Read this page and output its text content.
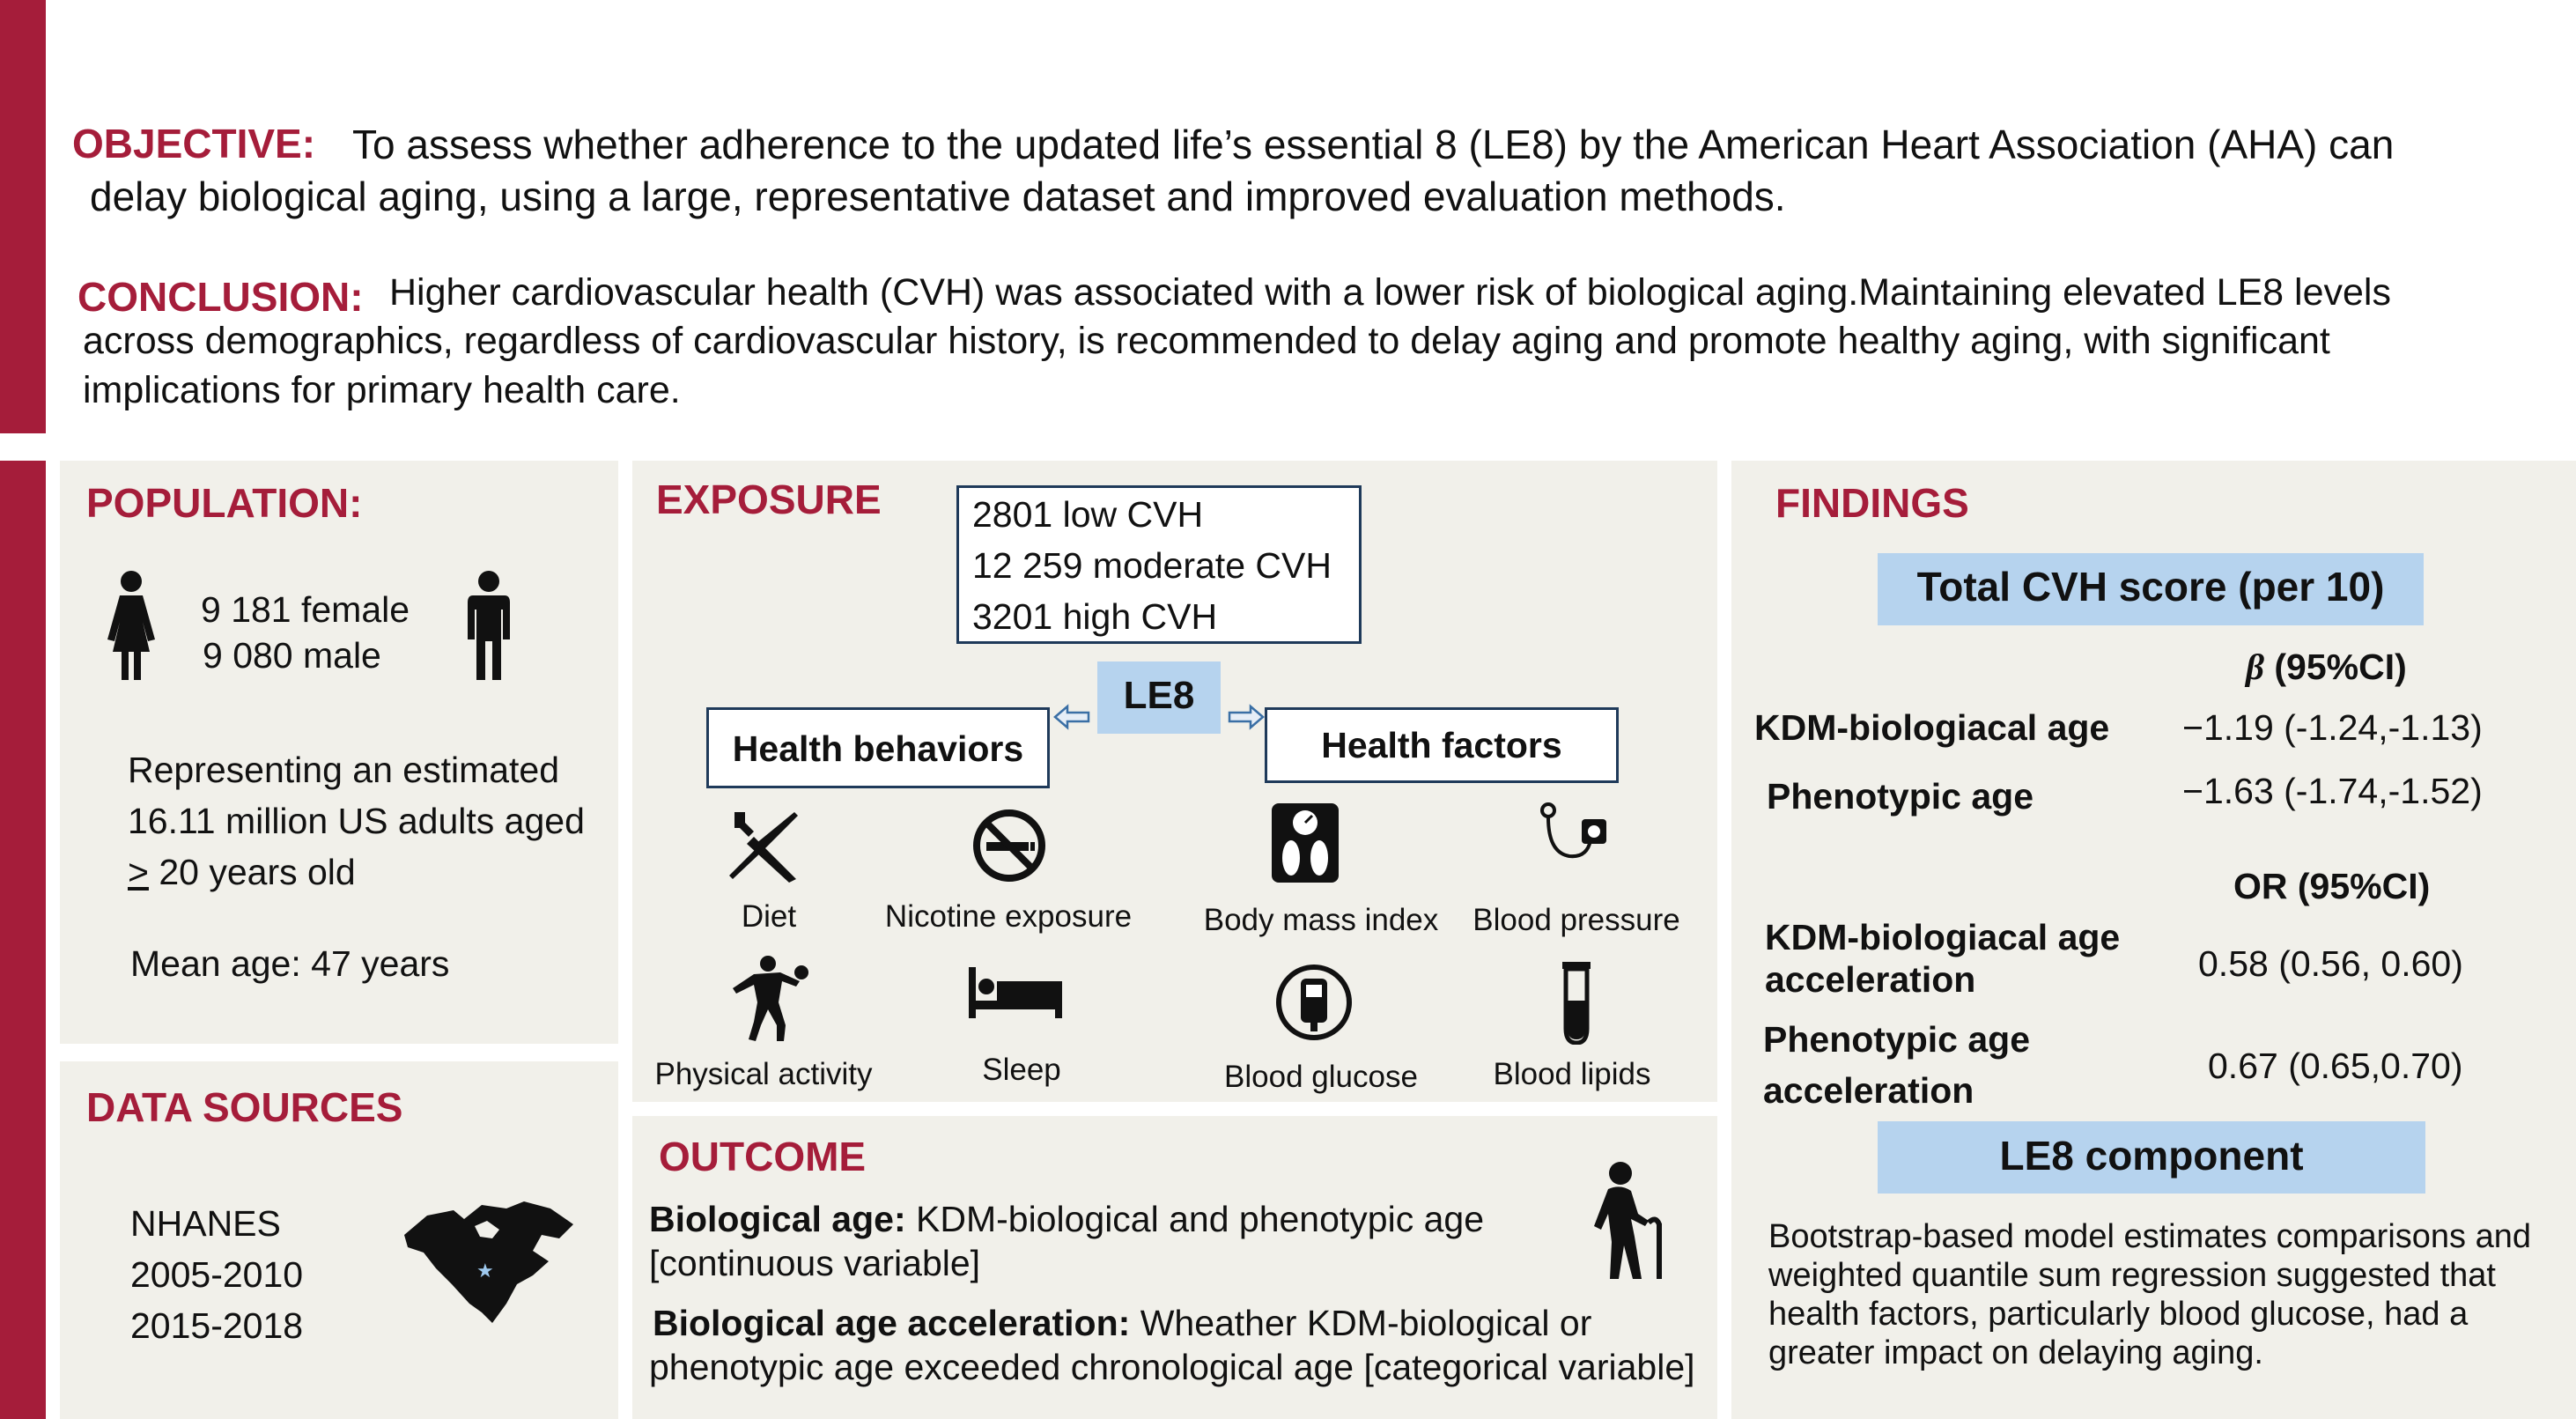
OBJECTIVE: To assess whether adherence to the updated life’s essential 8 (LE8) by the American Heart Association (AHA) can
delay biological aging, using a large, representative dataset and improved evaluation methods.
CONCLUSION: Higher cardiovascular health (CVH) was associated with a lower risk of biological aging.Maintaining elevated LE8 levels
across demographics, regardless of cardiovascular history, is recommended to delay aging and promote healthy aging, with significant
implications for primary health care.
POPULATION:
9 181 female
9 080 male
Representing an estimated
16.11 million US adults aged
≥ 20 years old
Mean age: 47 years
DATA SOURCES
NHANES
2005-2010
2015-2018
★
EXPOSURE	2801 low CVH
12 259 moderate CVH
3201 high CVH
LE8
Health behaviors	Health factors
Diet	Nicotine exposure Body mass index	Blood pressure
Physical activity	Sleep	Blood glucose	Blood lipids
OUTCOME
Biological age: KDM-biological and phenotypic age
[continuous variable]
Biological age acceleration: Wheather KDM-biological or
phenotypic age exceeded chronological age [categorical variable]
FINDINGS
Total CVH score (per 10)
β (95%CI)
KDM-biologiacal age −1.19 (-1.24,-1.13)
Phenotypic age	−1.63 (-1.74,-1.52)
OR (95%CI)
KDM-biologiacal age
acceleration	0.58 (0.56, 0.60)
Phenotypic age
acceleration
0.67 (0.65,0.70)
LE8 component
Bootstrap-based model estimates comparisons and
weighted quantile sum regression suggested that
health factors, particularly blood glucose, had a
greater impact on delaying aging.
